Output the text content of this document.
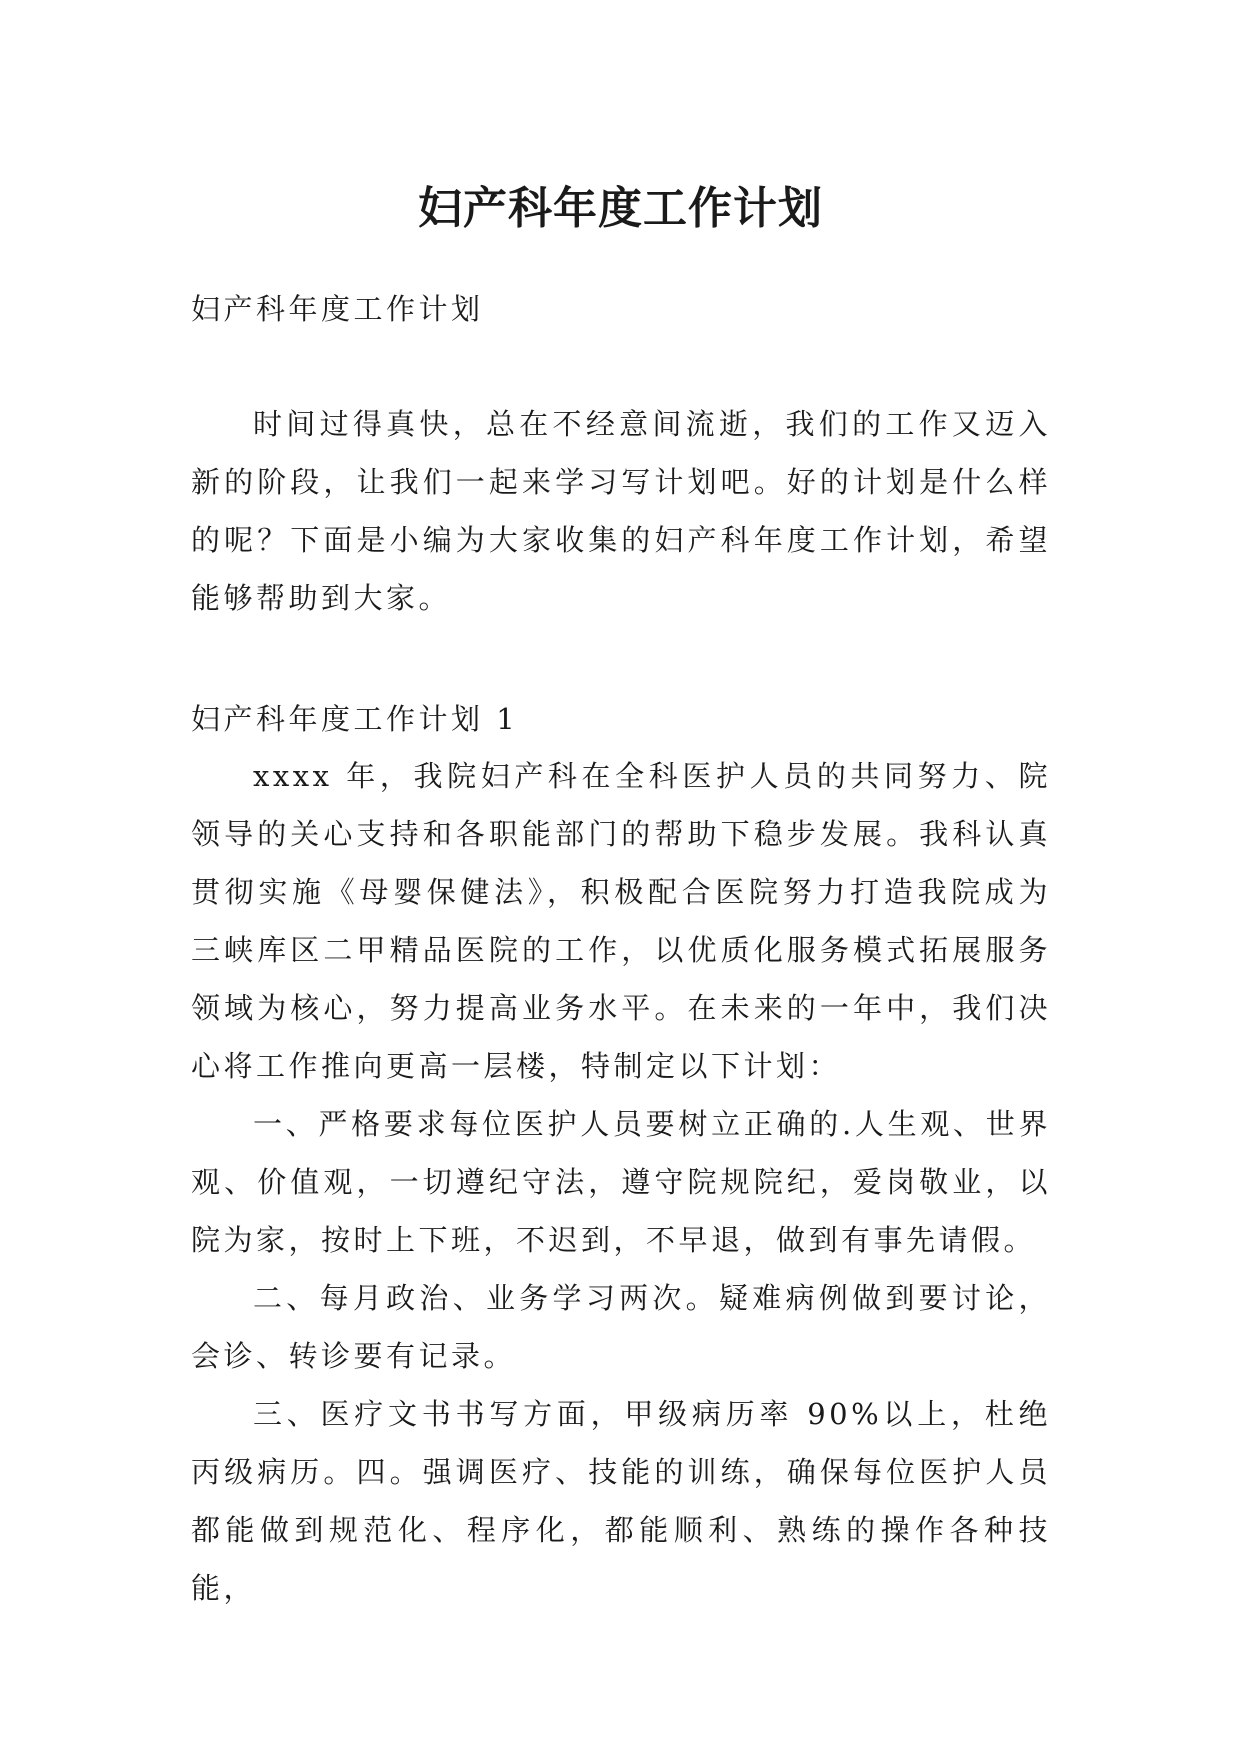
妇产科年度工作计划

妇产科年度工作计划

时间过得真快，总在不经意间流逝，我们的工作又迈入新的阶段，让我们一起来学习写计划吧。好的计划是什么样的呢？下面是小编为大家收集的妇产科年度工作计划，希望能够帮助到大家。

妇产科年度工作计划 1

xxxx 年，我院妇产科在全科医护人员的共同努力、院领导的关心支持和各职能部门的帮助下稳步发展。我科认真贯彻实施《母婴保健法》，积极配合医院努力打造我院成为三峡库区二甲精品医院的工作，以优质化服务模式拓展服务领域为核心，努力提高业务水平。在未来的一年中，我们决心将工作推向更高一层楼，特制定以下计划：

一、严格要求每位医护人员要树立正确的.人生观、世界观、价值观，一切遵纪守法，遵守院规院纪，爱岗敬业，以院为家，按时上下班，不迟到，不早退，做到有事先请假。

二、每月政治、业务学习两次。疑难病例做到要讨论，会诊、转诊要有记录。

三、医疗文书书写方面，甲级病历率 90%以上，杜绝丙级病历。四。强调医疗、技能的训练，确保每位医护人员都能做到规范化、程序化，都能顺利、熟练的操作各种技能，
